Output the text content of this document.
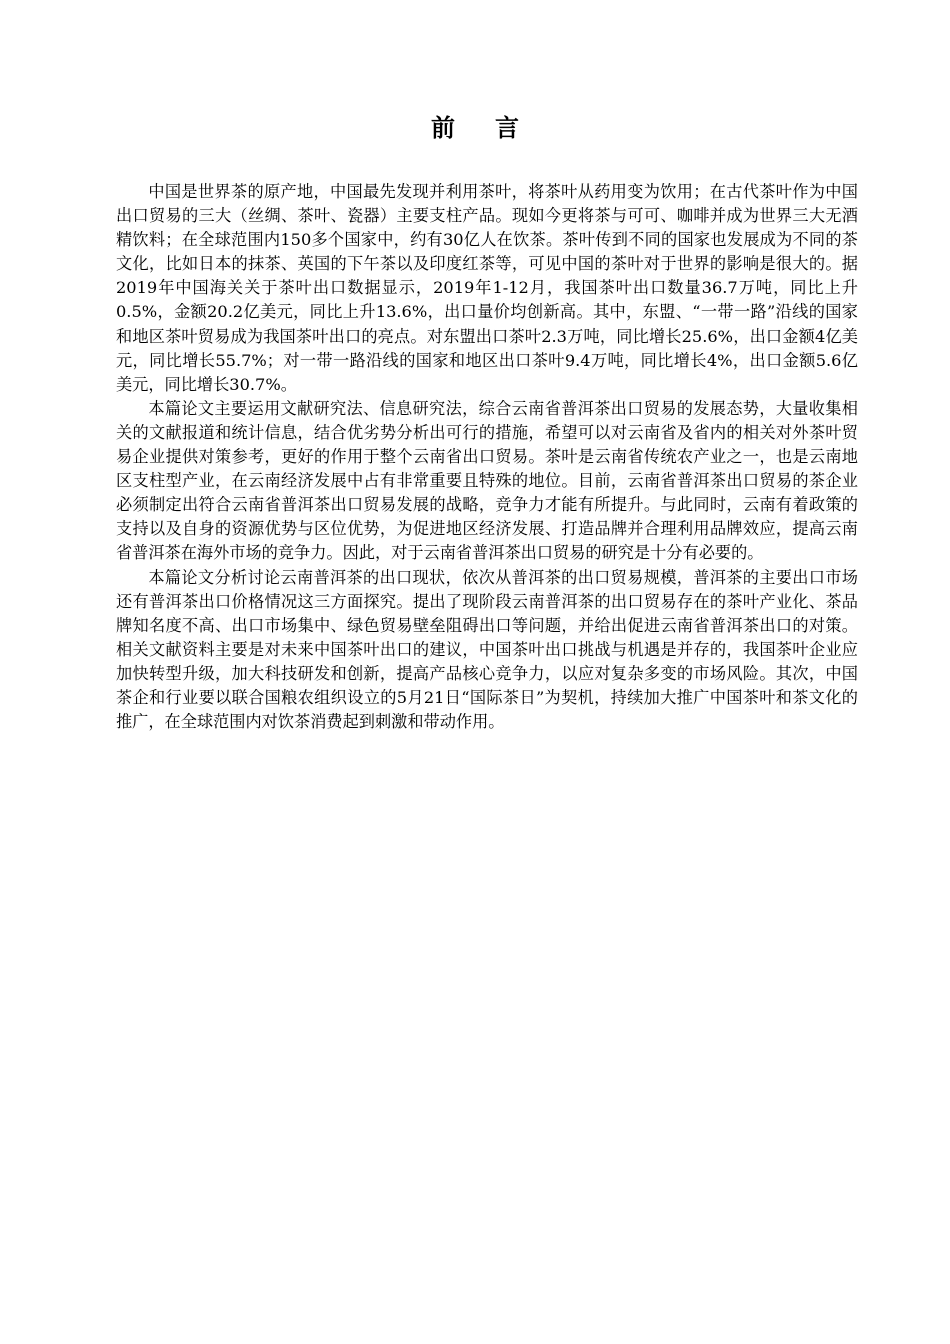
前言

中国是世界茶的原产地，中国最先发现并利用茶叶，将茶叶从药用变为饮用；在古代茶叶作为中国出口贸易的三大（丝绸、茶叶、瓷器）主要支柱产品。现如今更将茶与可可、咖啡并成为世界三大无酒精饮料；在全球范围内150多个国家中，约有30亿人在饮茶。茶叶传到不同的国家也发展成为不同的茶文化，比如日本的抹茶、英国的下午茶以及印度红茶等，可见中国的茶叶对于世界的影响是很大的。据2019年中国海关关于茶叶出口数据显示，2019年1-12月，我国茶叶出口数量36.7万吨，同比上升0.5%，金额20.2亿美元，同比上升13.6%，出口量价均创新高。其中，东盟、“一带一路”沿线的国家和地区茶叶贸易成为我国茶叶出口的亮点。对东盟出口茶叶2.3万吨，同比增长25.6%，出口金额4亿美元，同比增长55.7%；对一带一路沿线的国家和地区出口茶叶9.4万吨，同比增长4%，出口金额5.6亿美元，同比增长30.7%。

本篇论文主要运用文献研究法、信息研究法，综合云南省普洱茶出口贸易的发展态势，大量收集相关的文献报道和统计信息，结合优劣势分析出可行的措施，希望可以对云南省及省内的相关对外茶叶贸易企业提供对策参考，更好的作用于整个云南省出口贸易。茶叶是云南省传统农产业之一，也是云南地区支柱型产业，在云南经济发展中占有非常重要且特殊的地位。目前，云南省普洱茶出口贸易的茶企业必须制定出符合云南省普洱茶出口贸易发展的战略，竞争力才能有所提升。与此同时，云南有着政策的支持以及自身的资源优势与区位优势，为促进地区经济发展、打造品牌并合理利用品牌效应，提高云南省普洱茶在海外市场的竞争力。因此，对于云南省普洱茶出口贸易的研究是十分有必要的。

本篇论文分析讨论云南普洱茶的出口现状，依次从普洱茶的出口贸易规模，普洱茶的主要出口市场还有普洱茶出口价格情况这三方面探究。提出了现阶段云南普洱茶的出口贸易存在的茶叶产业化、茶品牌知名度不高、出口市场集中、绿色贸易壁垒阻碍出口等问题，并给出促进云南省普洱茶出口的对策。相关文献资料主要是对未来中国茶叶出口的建议，中国茶叶出口挑战与机遇是并存的，我国茶叶企业应加快转型升级，加大科技研发和创新，提高产品核心竞争力，以应对复杂多变的市场风险。其次，中国茶企和行业要以联合国粮农组织设立的5月21日“国际茶日”为契机，持续加大推广中国茶叶和茶文化的推广，在全球范围内对饮茶消费起到刺激和带动作用。
